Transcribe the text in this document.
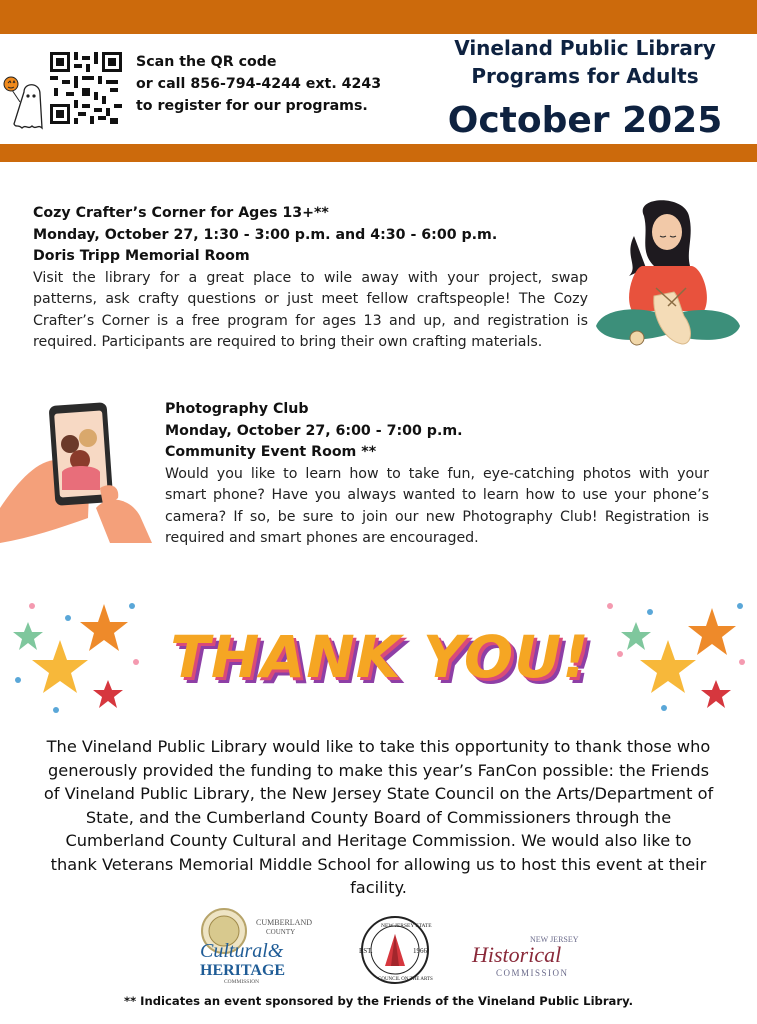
Scan the QR code
or call 856-794-4244 ext. 4243
to register for our programs.
Vineland Public Library
Programs for Adults
October 2025
Cozy Crafter’s Corner for Ages 13+**
Monday, October 27, 1:30 - 3:00 p.m. and 4:30 - 6:00 p.m.
Doris Tripp Memorial Room
Visit the library for a great place to wile away with your project, swap patterns, ask crafty questions or just meet fellow craftspeople! The Cozy Crafter’s Corner is a free program for ages 13 and up, and registration is required. Participants are required to bring their own crafting materials.
Photography Club
Monday, October 27, 6:00 - 7:00 p.m.
Community Event Room **
Would you like to learn how to take fun, eye-catching photos with your smart phone? Have you always wanted to learn how to use your phone’s camera? If so, be sure to join our new Photography Club! Registration is required and smart phones are encouraged.
THANK YOU!
The Vineland Public Library would like to take this opportunity to thank those who generously provided the funding to make this year’s FanCon possible: the Friends of Vineland Public Library, the New Jersey State Council on the Arts/Department of State, and the Cumberland County Board of Commissioners through the Cumberland County Cultural and Heritage Commission. We would also like to thank Veterans Memorial Middle School for allowing us to host this event at their facility.
CUMBERLAND
COUNTY
Cultural&
HERITAGE
COMMISSION
NEW JERSEY STATE
COUNCIL ON THE ARTS
EST.	1966
NEW JERSEY
Historical
COMMISSION
** Indicates an event sponsored by the Friends of the Vineland Public Library.
